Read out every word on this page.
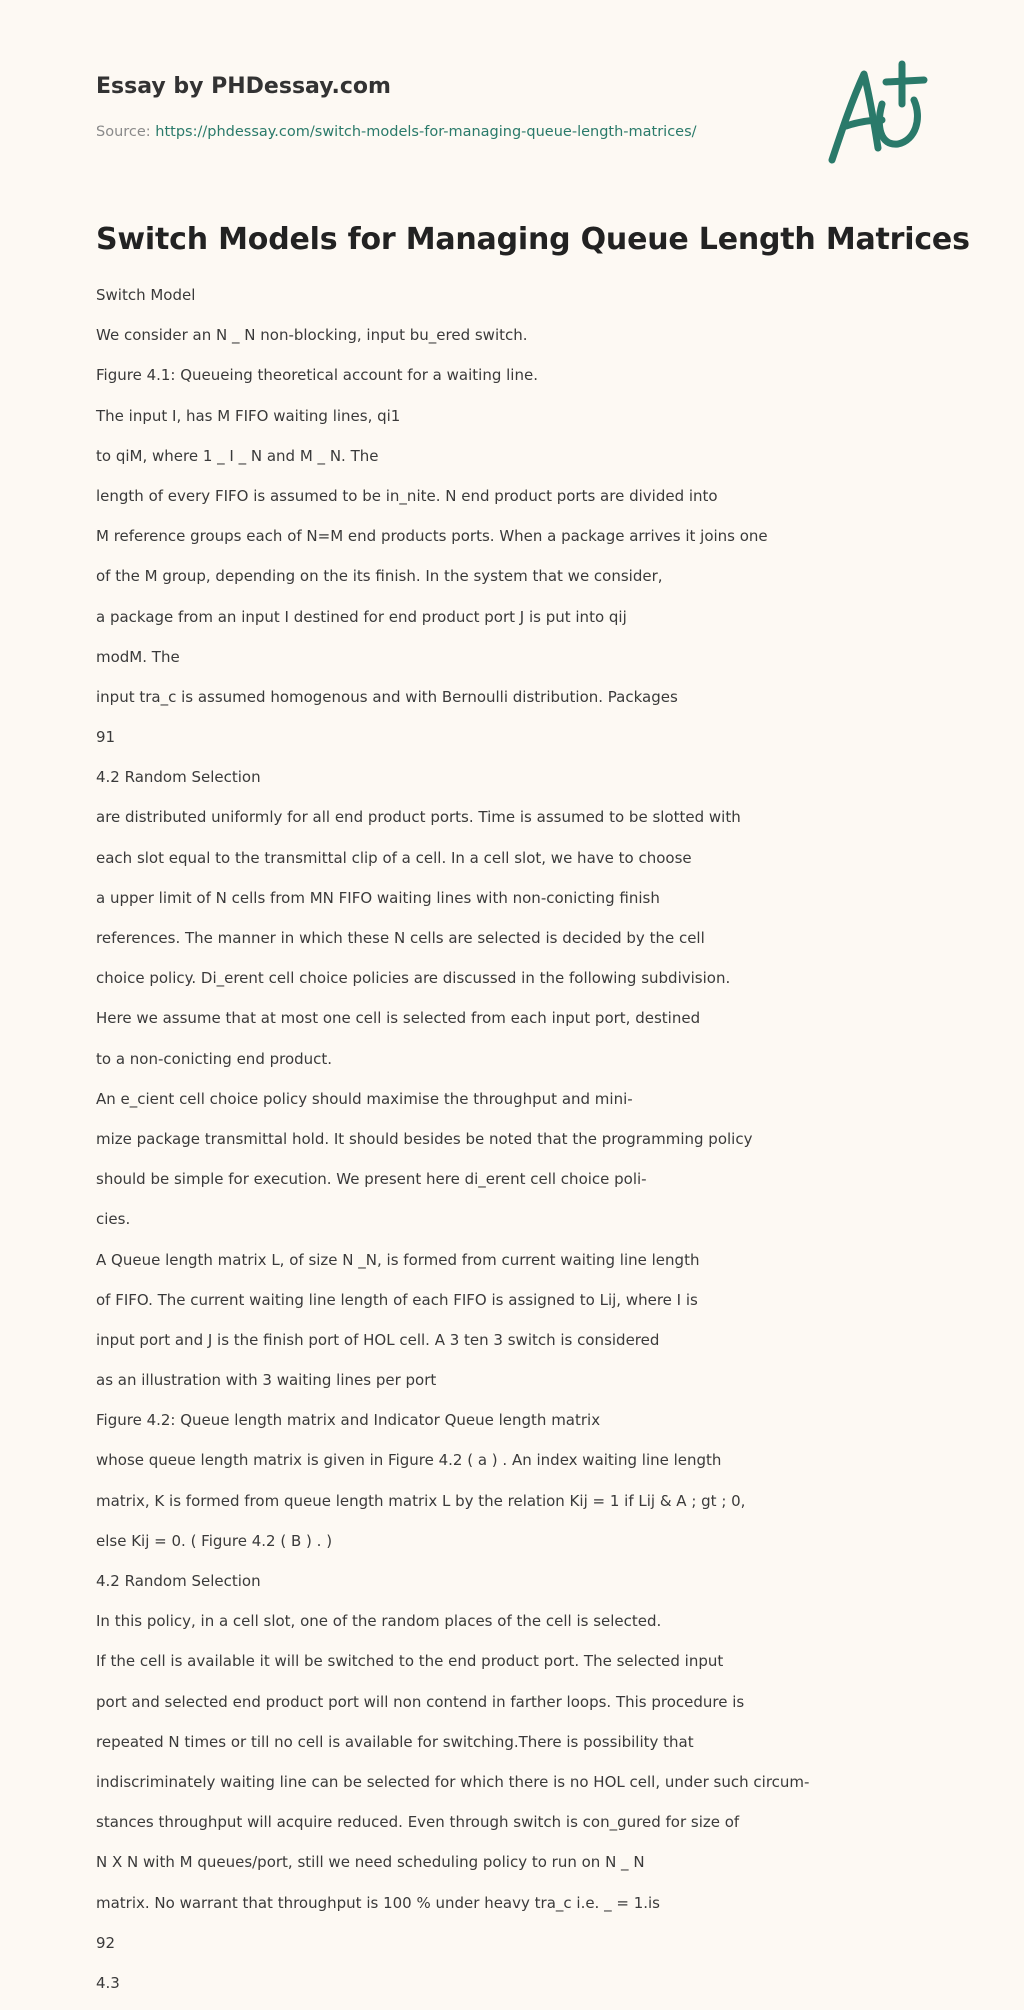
Essay by PHDessay.com
Source: https://phdessay.com/switch-models-for-managing-queue-length-matrices/
Switch Models for Managing Queue Length Matrices

Switch Model

We consider an N _ N non-blocking, input bu_ered switch.

Figure 4.1: Queueing theoretical account for a waiting line.

The input I, has M FIFO waiting lines, qi1

to qiM, where 1 _ I _ N and M _ N. The

length of every FIFO is assumed to be in_nite. N end product ports are divided into

M reference groups each of N=M end products ports. When a package arrives it joins one

of the M group, depending on the its finish. In the system that we consider,

a package from an input I destined for end product port J is put into qij

modM. The

input tra_c is assumed homogenous and with Bernoulli distribution. Packages

91

4.2 Random Selection

are distributed uniformly for all end product ports. Time is assumed to be slotted with

each slot equal to the transmittal clip of a cell. In a cell slot, we have to choose

a upper limit of N cells from MN FIFO waiting lines with non-conicting finish

references. The manner in which these N cells are selected is decided by the cell

choice policy. Di_erent cell choice policies are discussed in the following subdivision.

Here we assume that at most one cell is selected from each input port, destined

to a non-conicting end product.

An e_cient cell choice policy should maximise the throughput and mini-

mize package transmittal hold. It should besides be noted that the programming policy

should be simple for execution. We present here di_erent cell choice poli-

cies.

A Queue length matrix L, of size N _N, is formed from current waiting line length

of FIFO. The current waiting line length of each FIFO is assigned to Lij, where I is

input port and J is the finish port of HOL cell. A 3 ten 3 switch is considered

as an illustration with 3 waiting lines per port

Figure 4.2: Queue length matrix and Indicator Queue length matrix

whose queue length matrix is given in Figure 4.2 ( a ) . An index waiting line length

matrix, K is formed from queue length matrix L by the relation Kij = 1 if Lij & A ; gt ; 0,

else Kij = 0. ( Figure 4.2 ( B ) . )

4.2 Random Selection

In this policy, in a cell slot, one of the random places of the cell is selected.

If the cell is available it will be switched to the end product port. The selected input

port and selected end product port will non contend in farther loops. This procedure is

repeated N times or till no cell is available for switching.There is possibility that

indiscriminately waiting line can be selected for which there is no HOL cell, under such circum-

stances throughput will acquire reduced. Even through switch is con_gured for size of

N X N with M queues/port, still we need scheduling policy to run on N _ N

matrix. No warrant that throughput is 100 % under heavy tra_c i.e. _ = 1.is

92

4.3
